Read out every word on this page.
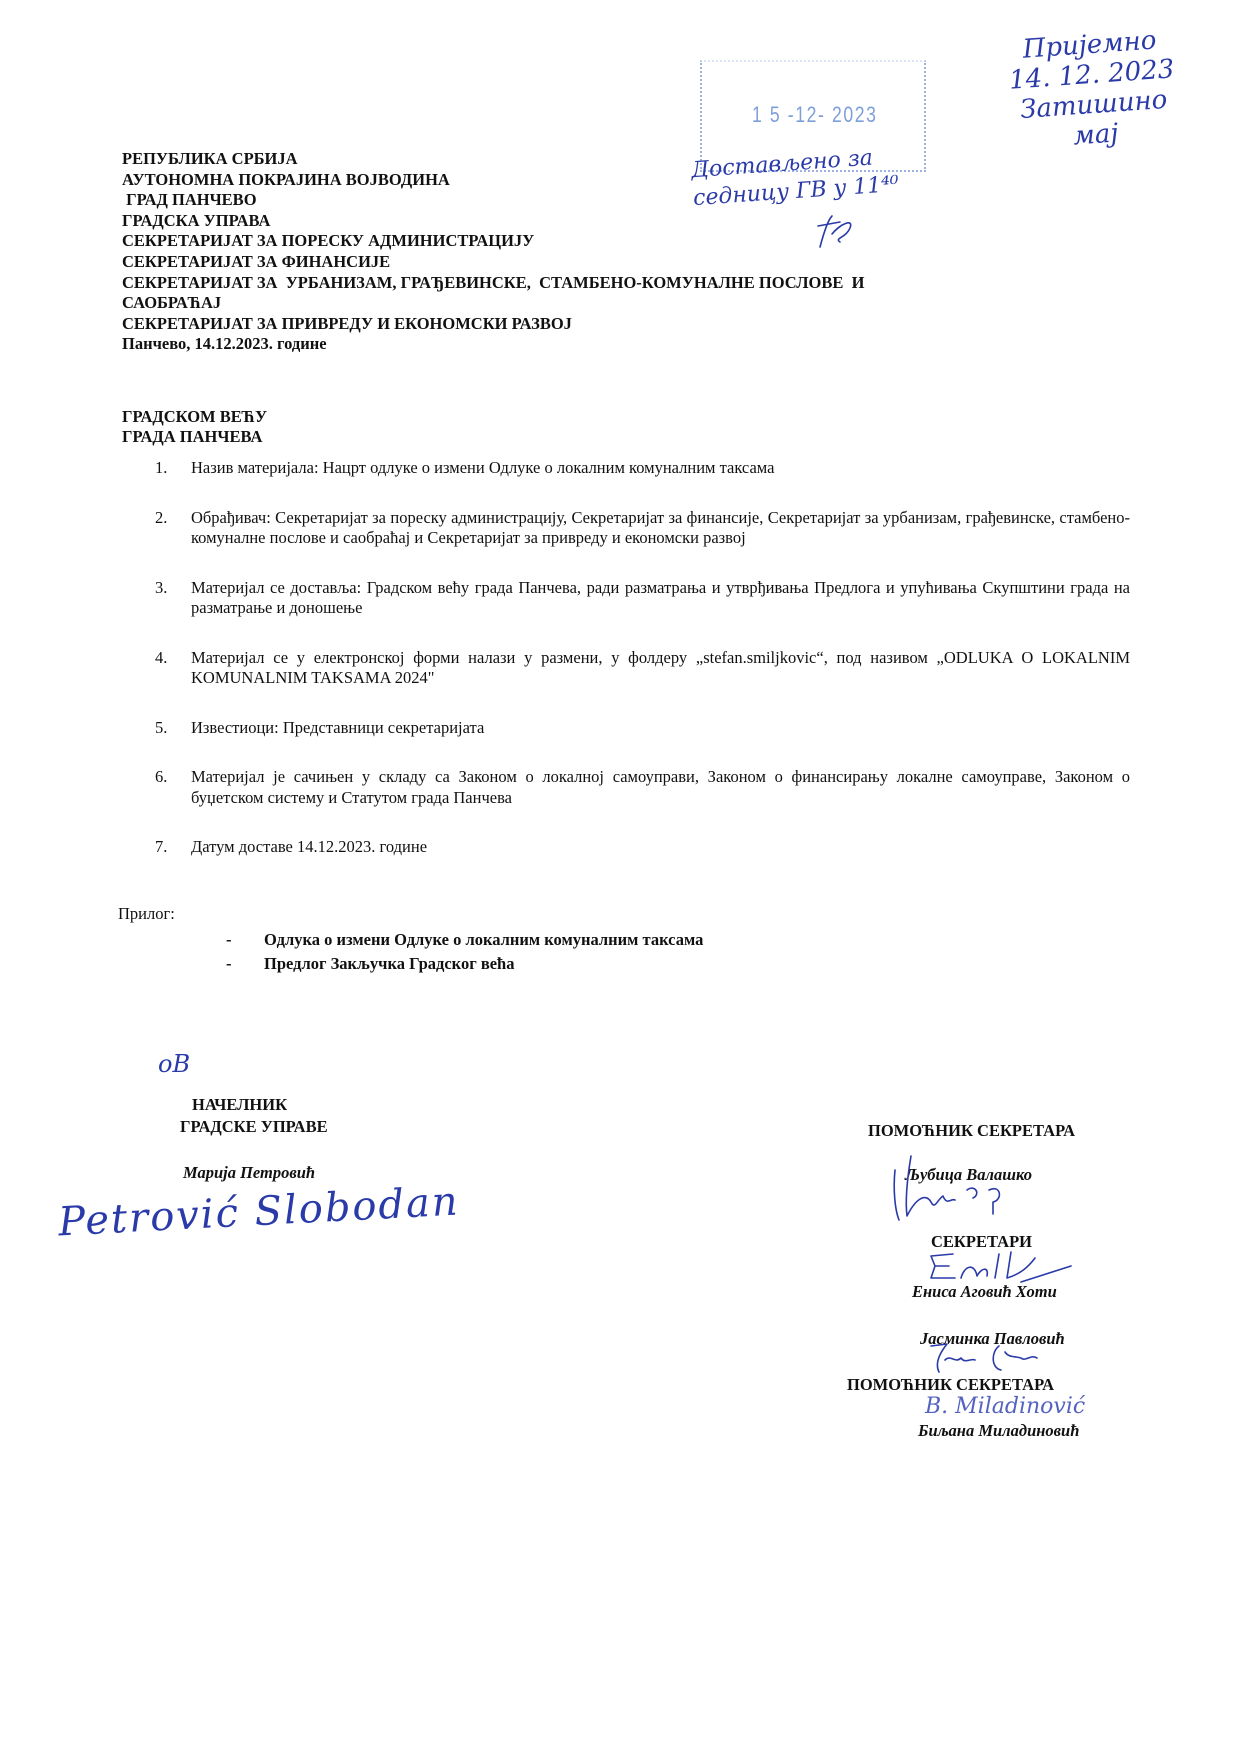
1 5 -12- 2023
Достављено за
седницу ГВ у 11⁴⁰
Пријемно
14. 12. 2023
Затишино
мај
РЕПУБЛИКА СРБИЈА
АУТОНОМНА ПОКРАЈИНА ВОЈВОДИНА
ГРАД ПАНЧЕВО
ГРАДСКА УПРАВА
СЕКРЕТАРИЈАТ ЗА ПОРЕСКУ АДМИНИСТРАЦИЈУ
СЕКРЕТАРИЈАТ ЗА ФИНАНСИЈЕ
СЕКРЕТАРИЈАТ ЗА  УРБАНИЗАМ, ГРАЂЕВИНСКЕ,  СТАМБЕНО-КОМУНАЛНЕ ПОСЛОВЕ  И
САОБРАЋАЈ
СЕКРЕТАРИЈАТ ЗА ПРИВРЕДУ И ЕКОНОМСКИ РАЗВОЈ
Панчево, 14.12.2023. године
ГРАДСКОМ ВЕЋУ
ГРАДА ПАНЧЕВА
1. Назив материјала: Нацрт одлуке о измени Одлуке о локалним комуналним таксама
2. Обрађивач: Секретаријат за пореску администрацију, Секретаријат за финансије, Секретаријат за урбанизам, грађевинске, стамбено-комуналне послове и саобраћај и Секретаријат за привреду и економски развој
3. Материјал се доставља: Градском већу града Панчева, ради разматрања и утврђивања Предлога и упућивања Скупштини града на разматрање и доношење
4. Материјал се у електронској форми налази у размени, у фолдеру „stefan.smiljkovic“, под називом „ODLUKA O LOKALNIM KOMUNALNIM TAKSAMA 2024"
5. Известиоци: Представници секретаријата
6. Материјал је сачињен у складу са Законом о локалној самоуправи, Законом о финансирању локалне самоуправе, Законом о буџетском систему и Статутом града Панчева
7. Датум доставе 14.12.2023. године
Прилог:
- Одлука о измени Одлуке о локалним комуналним таксама
- Предлог Закључка Градског већа
оВ
НАЧЕЛНИК
ГРАДСКЕ УПРАВЕ
Марија Петровић
Petrović Slobodan
ПОМОЋНИК СЕКРЕТАРА
Љубица Валашко
СЕКРЕТАРИ
Ениса Аговић Хоти
Јасминка Павловић
ПОМОЋНИК СЕКРЕТАРА
B. Miladinović
Биљана Миладиновић
